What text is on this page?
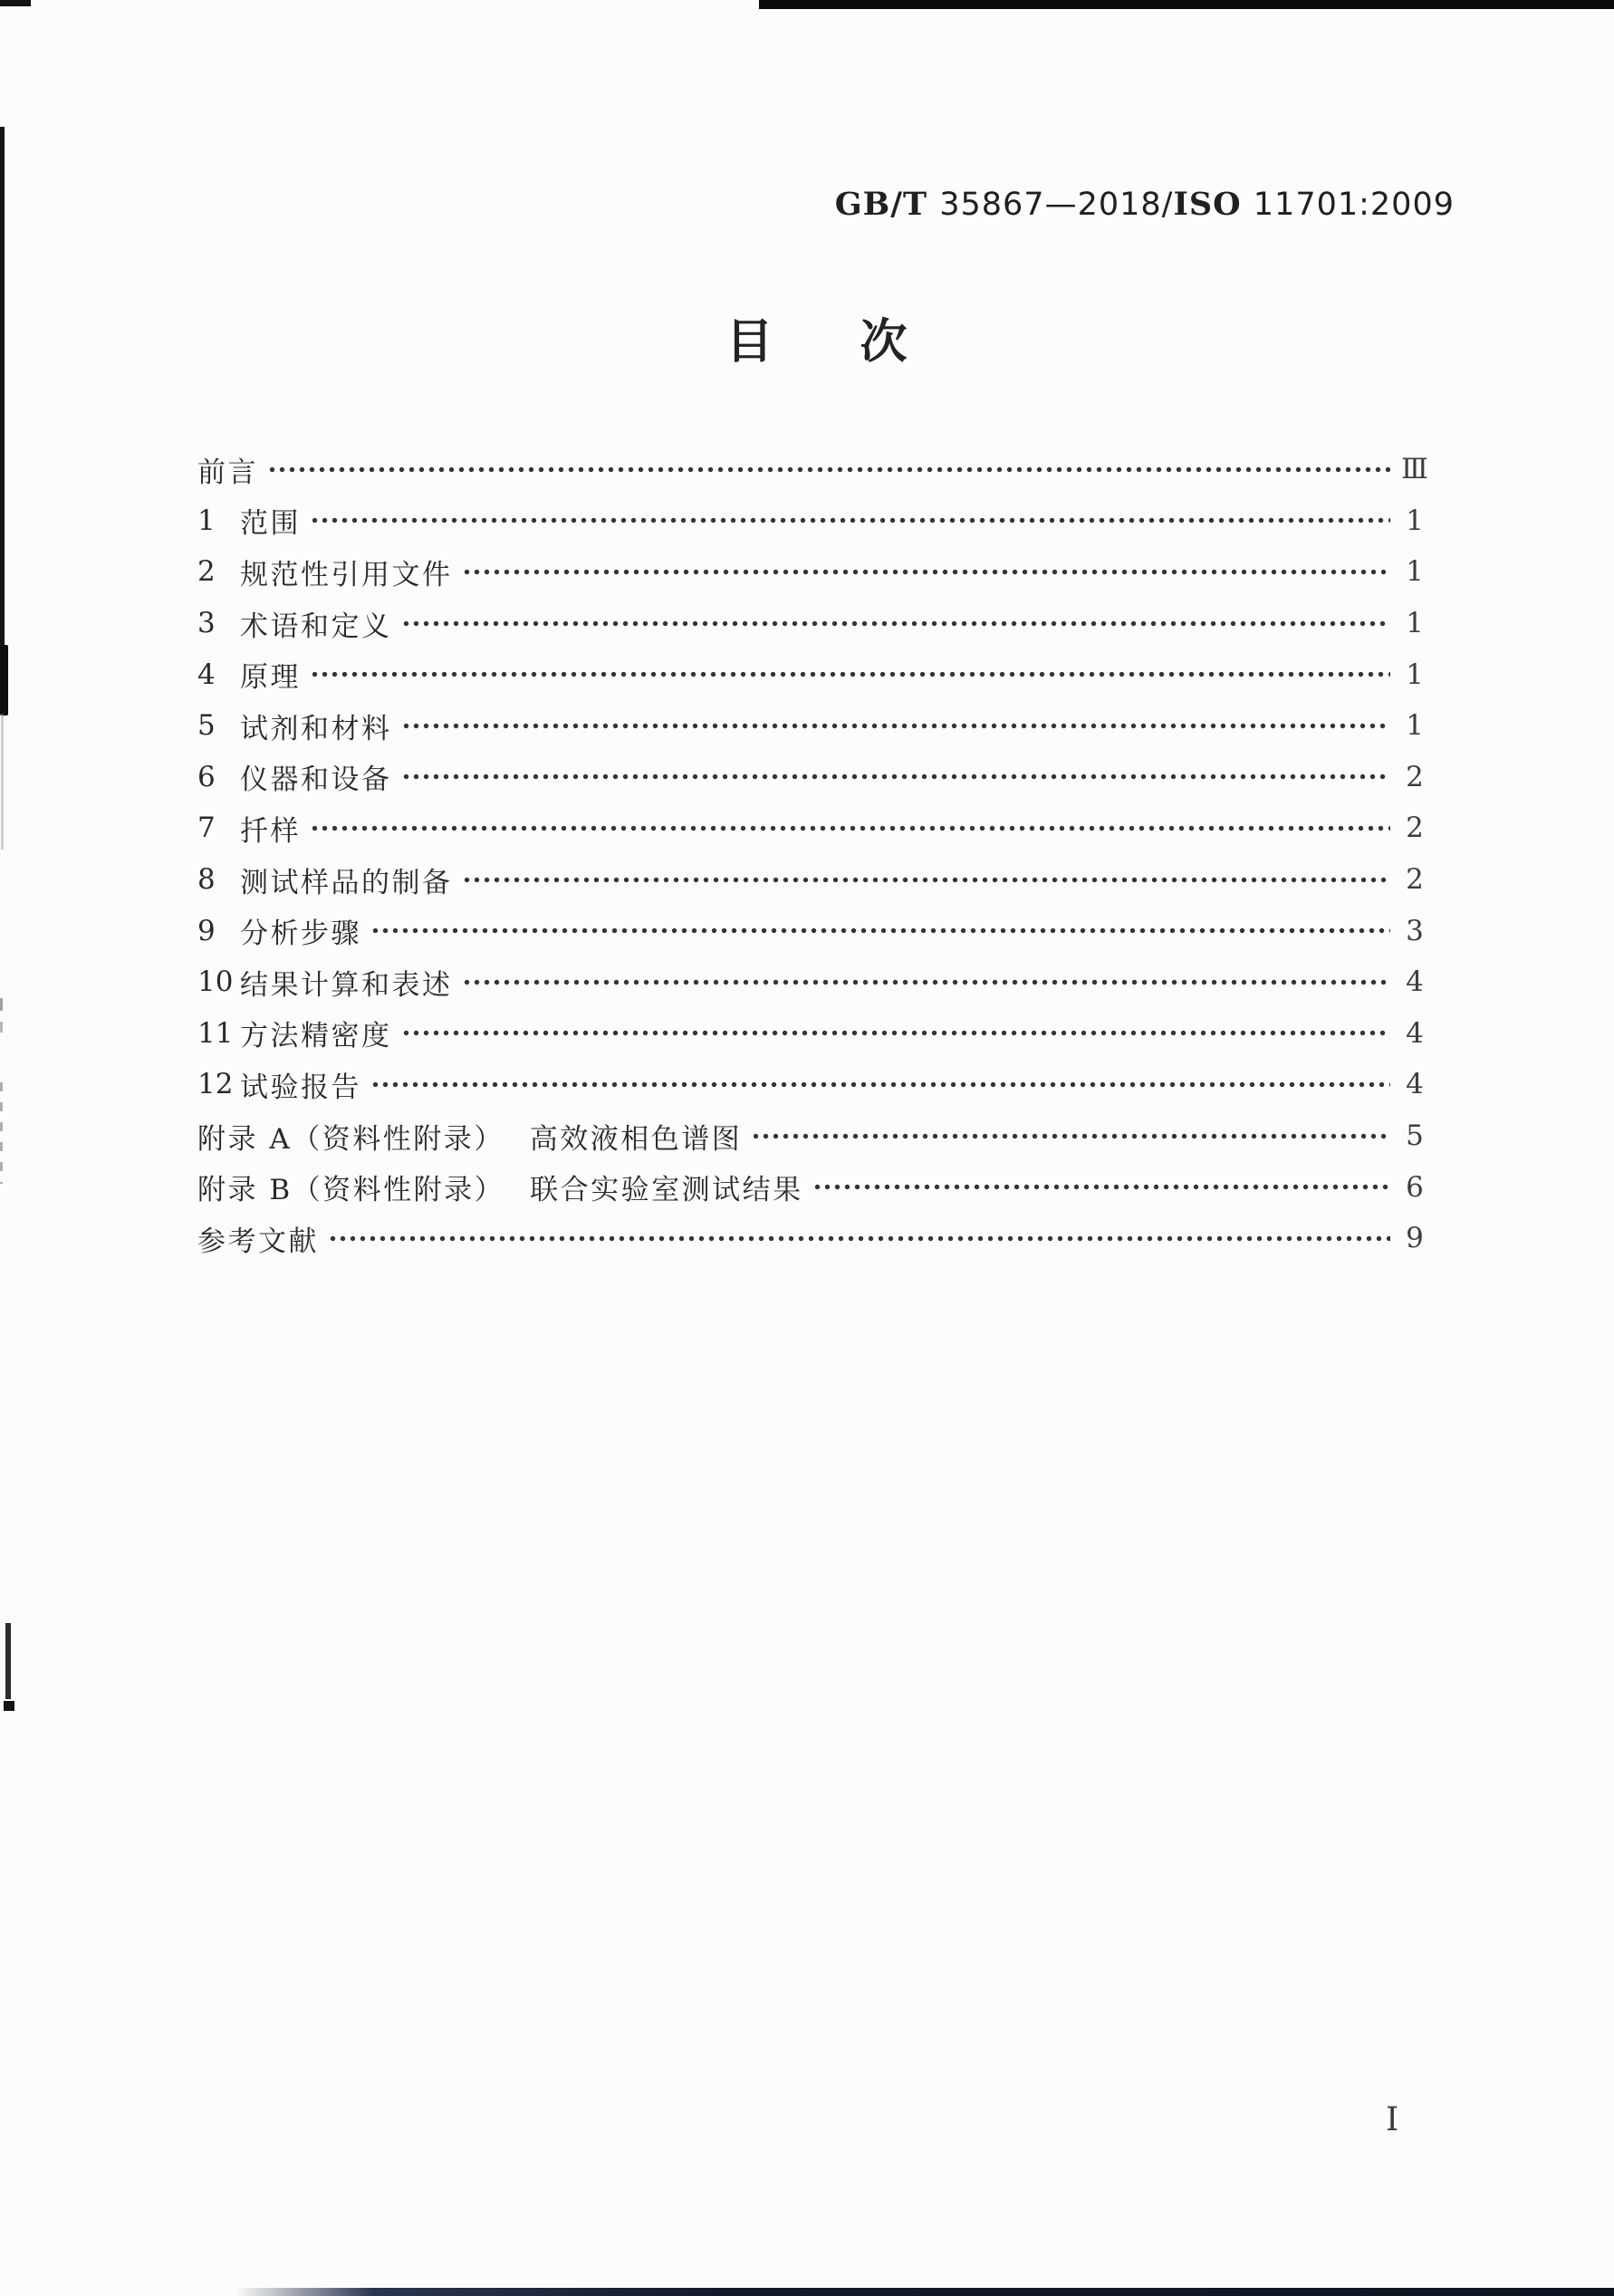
GB/T 35867—2018/ISO 11701:2009
目 次
前言	Ⅲ
1 范围	1
2 规范性引用文件	1
3 术语和定义	1
4 原理	1
5 试剂和材料	1
6 仪器和设备	2
7 扦样	2
8 测试样品的制备	2
9 分析步骤	3
10 结果计算和表述	4
11 方法精密度	4
12 试验报告	4
附录 A（资料性附录） 高效液相色谱图	5
附录 B（资料性附录） 联合实验室测试结果	6
参考文献	9
I
